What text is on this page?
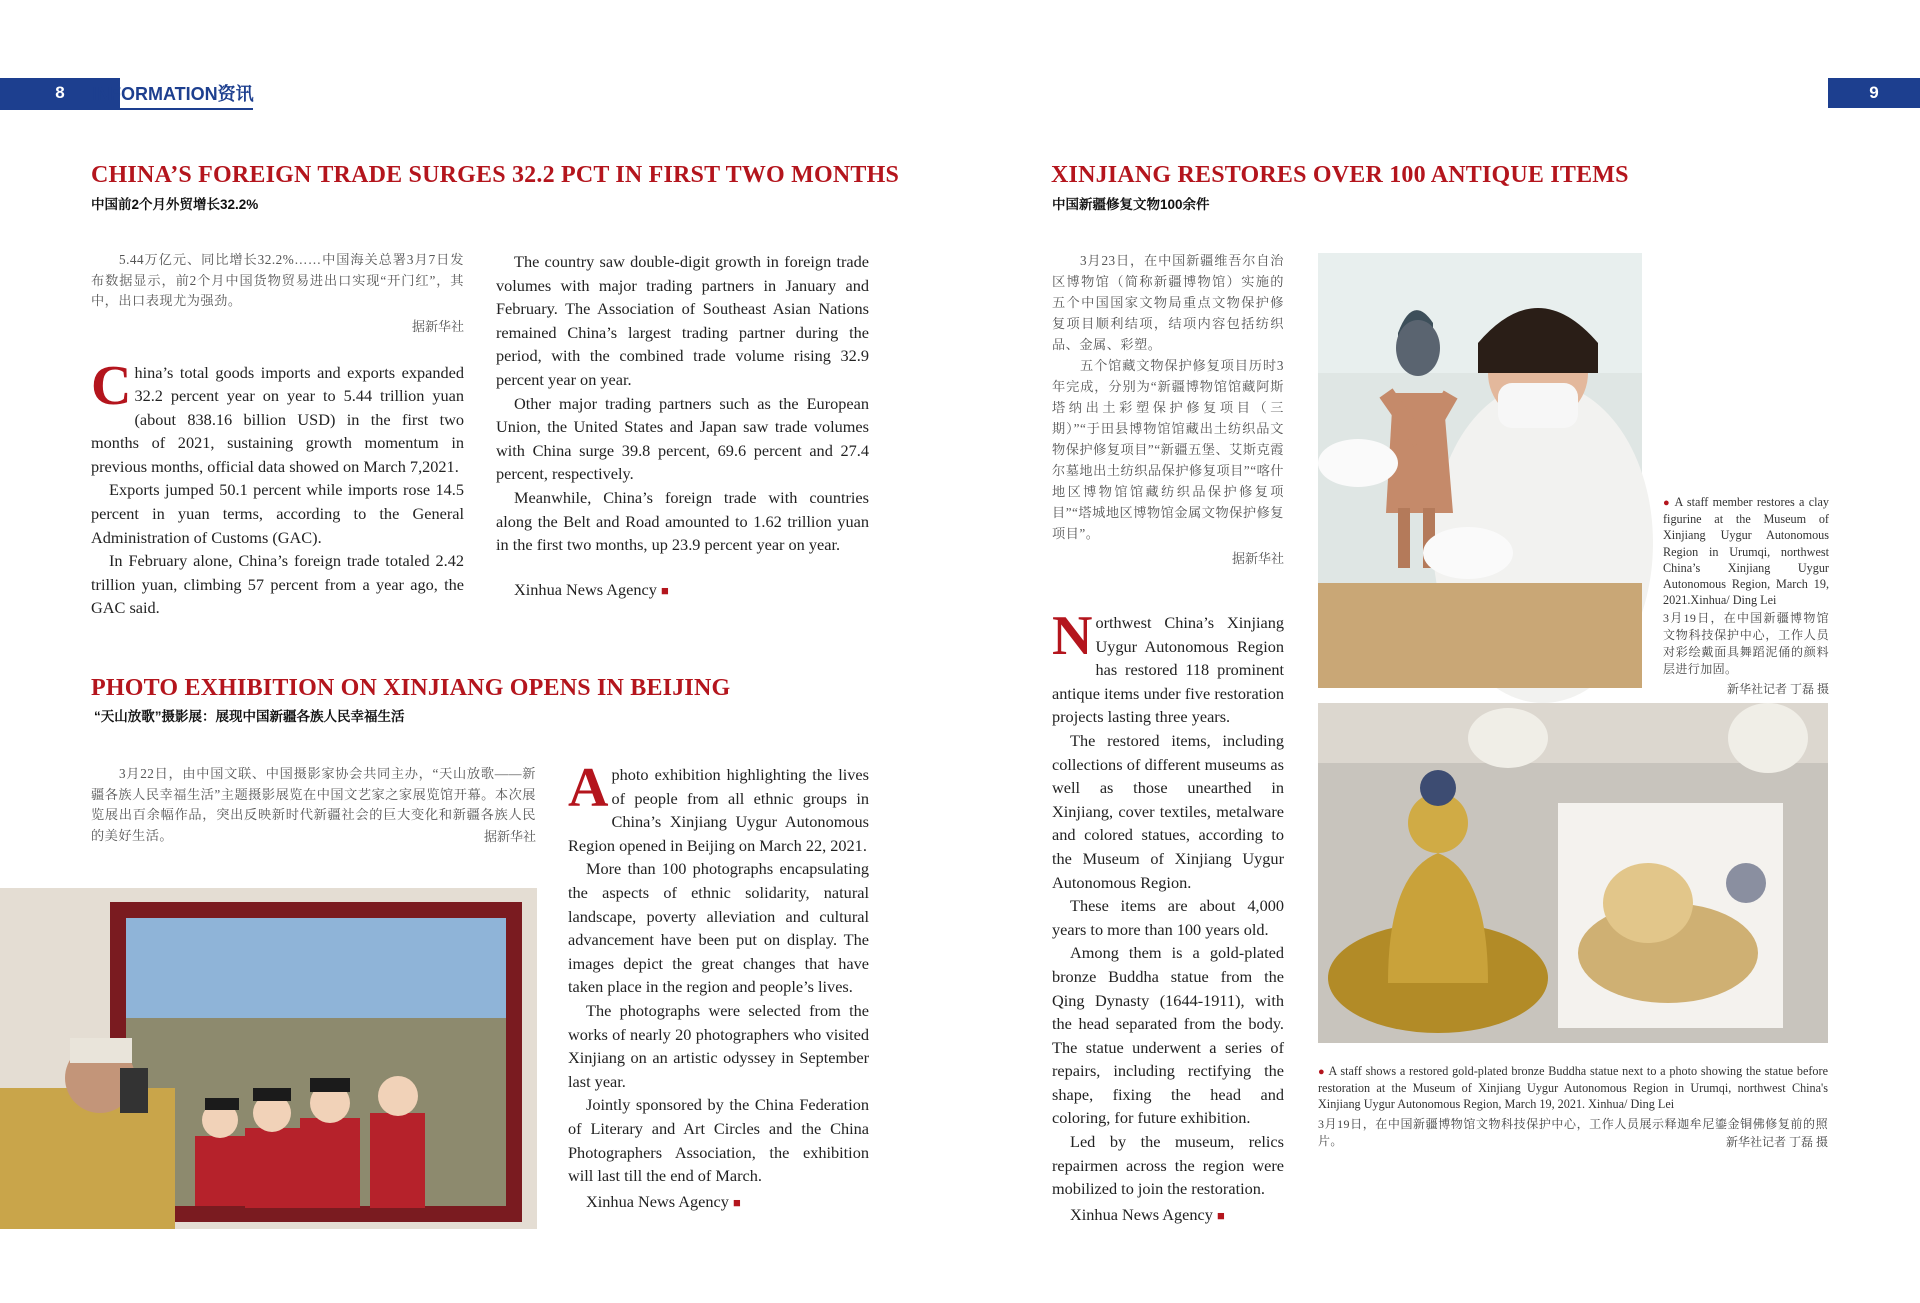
8	INFORMATION资讯	9
CHINA’S FOREIGN TRADE SURGES 32.2 PCT IN FIRST TWO MONTHS
中国前2个月外贸增长32.2%
5.44万亿元、同比增长32.2%……中国海关总署3月7日发布数据显示，前2个月中国货物贸易进出口实现“开门红”，其中，出口表现尤为强劲。
据新华社

China’s total goods imports and exports expanded 32.2 percent year on year to 5.44 trillion yuan (about 838.16 billion USD) in the first two months of 2021, sustaining growth momentum in previous months, official data showed on March 7,2021.

Exports jumped 50.1 percent while imports rose 14.5 percent in yuan terms, according to the General Administration of Customs (GAC).

In February alone, China’s foreign trade totaled 2.42 trillion yuan, climbing 57 percent from a year ago, the GAC said.

The country saw double-digit growth in foreign trade volumes with major trading partners in January and February. The Association of Southeast Asian Nations remained China’s largest trading partner during the period, with the combined trade volume rising 32.9 percent year on year.

Other major trading partners such as the European Union, the United States and Japan saw trade volumes with China surge 39.8 percent, 69.6 percent and 27.4 percent, respectively.

Meanwhile, China’s foreign trade with countries along the Belt and Road amounted to 1.62 trillion yuan in the first two months, up 23.9 percent year on year.

Xinhua News Agency ■
PHOTO EXHIBITION ON XINJIANG OPENS IN BEIJING
“天山放歌”摄影展：展现中国新疆各族人民幸福生活
3月22日，由中国文联、中国摄影家协会共同主办，“天山放歌——新疆各族人民幸福生活”主题摄影展览在中国文艺家之家展览馆开幕。本次展览展出百余幅作品，突出反映新时代新疆社会的巨大变化和新疆各族人民的美好生活。	据新华社

Aphoto exhibition highlighting the lives of people from all ethnic groups in China’s Xinjiang Uygur Autonomous Region opened in Beijing on March 22, 2021.

More than 100 photographs encapsulating the aspects of ethnic solidarity, natural landscape, poverty alleviation and cultural advancement have been put on display. The images depict the great changes that have taken place in the region and people’s lives.

The photographs were selected from the works of nearly 20 photographers who visited Xinjiang on an artistic odyssey in September last year.

Jointly sponsored by the China Federation of Literary and Art Circles and the China Photographers Association, the exhibition will last till the end of March.

Xinhua News Agency ■

XINJIANG RESTORES OVER 100 ANTIQUE ITEMS
中国新疆修复文物100余件
3月23日，在中国新疆维吾尔自治区博物馆（简称新疆博物馆）实施的五个中国国家文物局重点文物保护修复项目顺利结项，结项内容包括纺织品、金属、彩塑。
五个馆藏文物保护修复项目历时3年完成，分别为“新疆博物馆馆藏阿斯塔纳出土彩塑保护修复项目（三期）”“于田县博物馆馆藏出土纺织品文物保护修复项目”“新疆五堡、艾斯克霞尔墓地出土纺织品保护修复项目”“喀什地区博物馆馆藏纺织品保护修复项目”“塔城地区博物馆金属文物保护修复项目”。
据新华社

Northwest China’s Xinjiang Uygur Autonomous Region has restored 118 prominent antique items under five restoration projects lasting three years.

The restored items, including collections of different museums as well as those unearthed in Xinjiang, cover textiles, metalware and colored statues, according to the Museum of Xinjiang Uygur Autonomous Region.

These items are about 4,000 years to more than 100 years old.

Among them is a gold-plated bronze Buddha statue from the Qing Dynasty (1644-1911), with the head separated from the body. The statue underwent a series of repairs, including rectifying the shape, fixing the head and coloring, for future exhibition.

Led by the museum, relics repairmen across the region were mobilized to join the restoration.

Xinhua News Agency ■

● A staff member restores a clay figurine at the Museum of Xinjiang Uygur Autonomous Region in Urumqi, northwest China’s Xinjiang Uygur Autonomous Region, March 19, 2021.Xinhua/ Ding Lei
3月19日，在中国新疆博物馆文物科技保护中心，工作人员对彩绘戴面具舞蹈泥俑的颜料层进行加固。
新华社记者 丁磊 摄
● A staff shows a restored gold-plated bronze Buddha statue next to a photo showing the statue before restoration at the Museum of Xinjiang Uygur Autonomous Region in Urumqi, northwest China's Xinjiang Uygur Autonomous Region, March 19, 2021. Xinhua/ Ding Lei
3月19日，在中国新疆博物馆文物科技保护中心，工作人员展示释迦牟尼鎏金铜佛修复前的照片。	新华社记者 丁磊 摄
